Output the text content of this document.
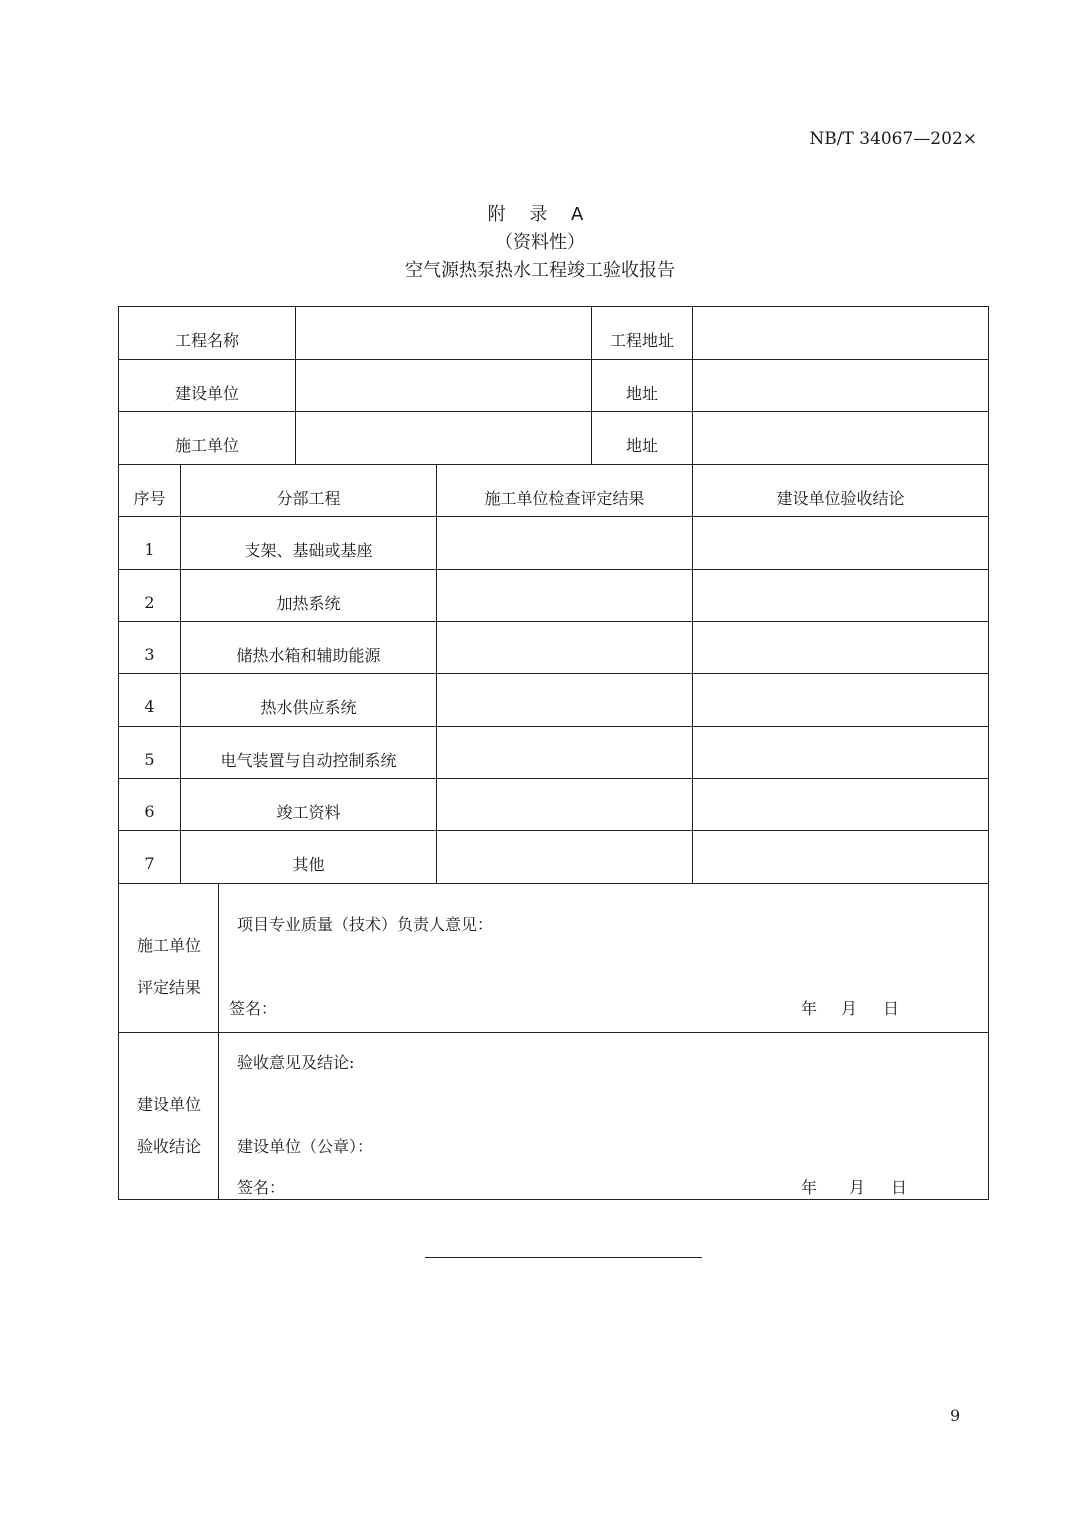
NB/T 34067—202×
附 录 A
（资料性）
空气源热泵热水工程竣工验收报告
工程名称	工程地址
建设单位	地址
施工单位	地址
序号	分部工程	施工单位检查评定结果	建设单位验收结论
1	支架、基础或基座
2	加热系统
3	储热水箱和辅助能源
4	热水供应系统
5	电气装置与自动控制系统
6	竣工资料
7	其他
施工单位
评定结果
项目专业质量（技术）负责人意见：
签名：	年 月 日
建设单位
验收结论
验收意见及结论:
建设单位（公章）：
签名：	年 月 日
9
